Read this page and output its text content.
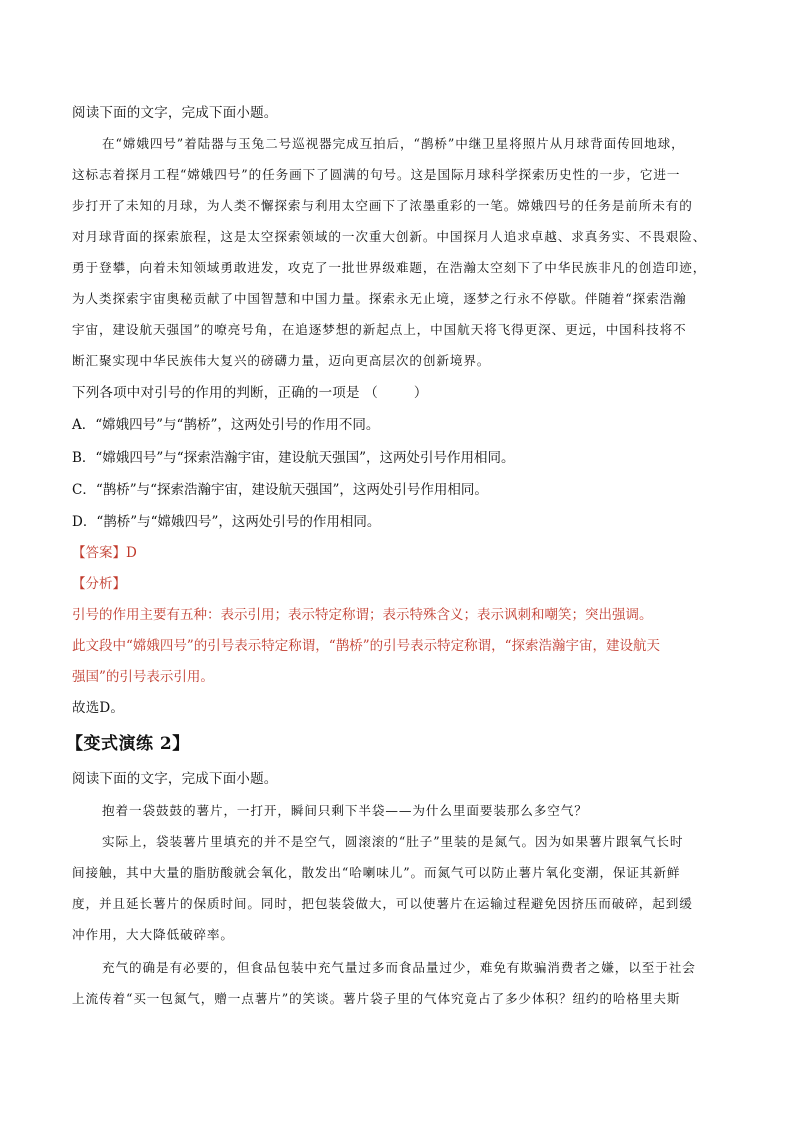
阅读下面的文字，完成下面小题。
在“嫦娥四号”着陆器与玉兔二号巡视器完成互拍后，“鹊桥”中继卫星将照片从月球背面传回地球，
这标志着探月工程“嫦娥四号”的任务画下了圆满的句号。这是国际月球科学探索历史性的一步，它进一
步打开了未知的月球，为人类不懈探索与利用太空画下了浓墨重彩的一笔。嫦娥四号的任务是前所未有的
对月球背面的探索旅程，这是太空探索领域的一次重大创新。中国探月人追求卓越、求真务实、不畏艰险、
勇于登攀，向着未知领域勇敢进发，攻克了一批世界级难题，在浩瀚太空刻下了中华民族非凡的创造印迹，
为人类探索宇宙奥秘贡献了中国智慧和中国力量。探索永无止境，逐梦之行永不停歇。伴随着“探索浩瀚
宇宙，建设航天强国”的嘹亮号角，在追逐梦想的新起点上，中国航天将飞得更深、更远，中国科技将不
断汇聚实现中华民族伟大复兴的磅礴力量，迈向更高层次的创新境界。
下列各项中对引号的作用的判断，正确的一项是 （	）
A．“嫦娥四号”与“鹊桥”，这两处引号的作用不同。
B．“嫦娥四号”与“探索浩瀚宇宙，建设航天强国”，这两处引号作用相同。
C．“鹊桥”与“探索浩瀚宇宙，建设航天强国”，这两处引号作用相同。
D．“鹊桥”与“嫦娥四号”，这两处引号的作用相同。
【答案】D
【分析】
引号的作用主要有五种：表示引用；表示特定称谓；表示特殊含义；表示讽刺和嘲笑；突出强调。
此文段中“嫦娥四号”的引号表示特定称谓，“鹊桥”的引号表示特定称谓，“探索浩瀚宇宙，建设航天
强国”的引号表示引用。
故选D。
【变式演练 2】
阅读下面的文字，完成下面小题。
抱着一袋鼓鼓的薯片，一打开，瞬间只剩下半袋——为什么里面要装那么多空气？
实际上，袋装薯片里填充的并不是空气，圆滚滚的“肚子”里装的是氮气。因为如果薯片跟氧气长时
间接触，其中大量的脂肪酸就会氧化，散发出“哈喇味儿”。而氮气可以防止薯片氧化变潮，保证其新鲜
度，并且延长薯片的保质时间。同时，把包装袋做大，可以使薯片在运输过程避免因挤压而破碎，起到缓
冲作用，大大降低破碎率。
充气的确是有必要的，但食品包装中充气量过多而食品量过少，难免有欺骗消费者之嫌，以至于社会
上流传着“买一包氮气，赠一点薯片”的笑谈。薯片袋子里的气体究竟占了多少体积？纽约的哈格里夫斯
